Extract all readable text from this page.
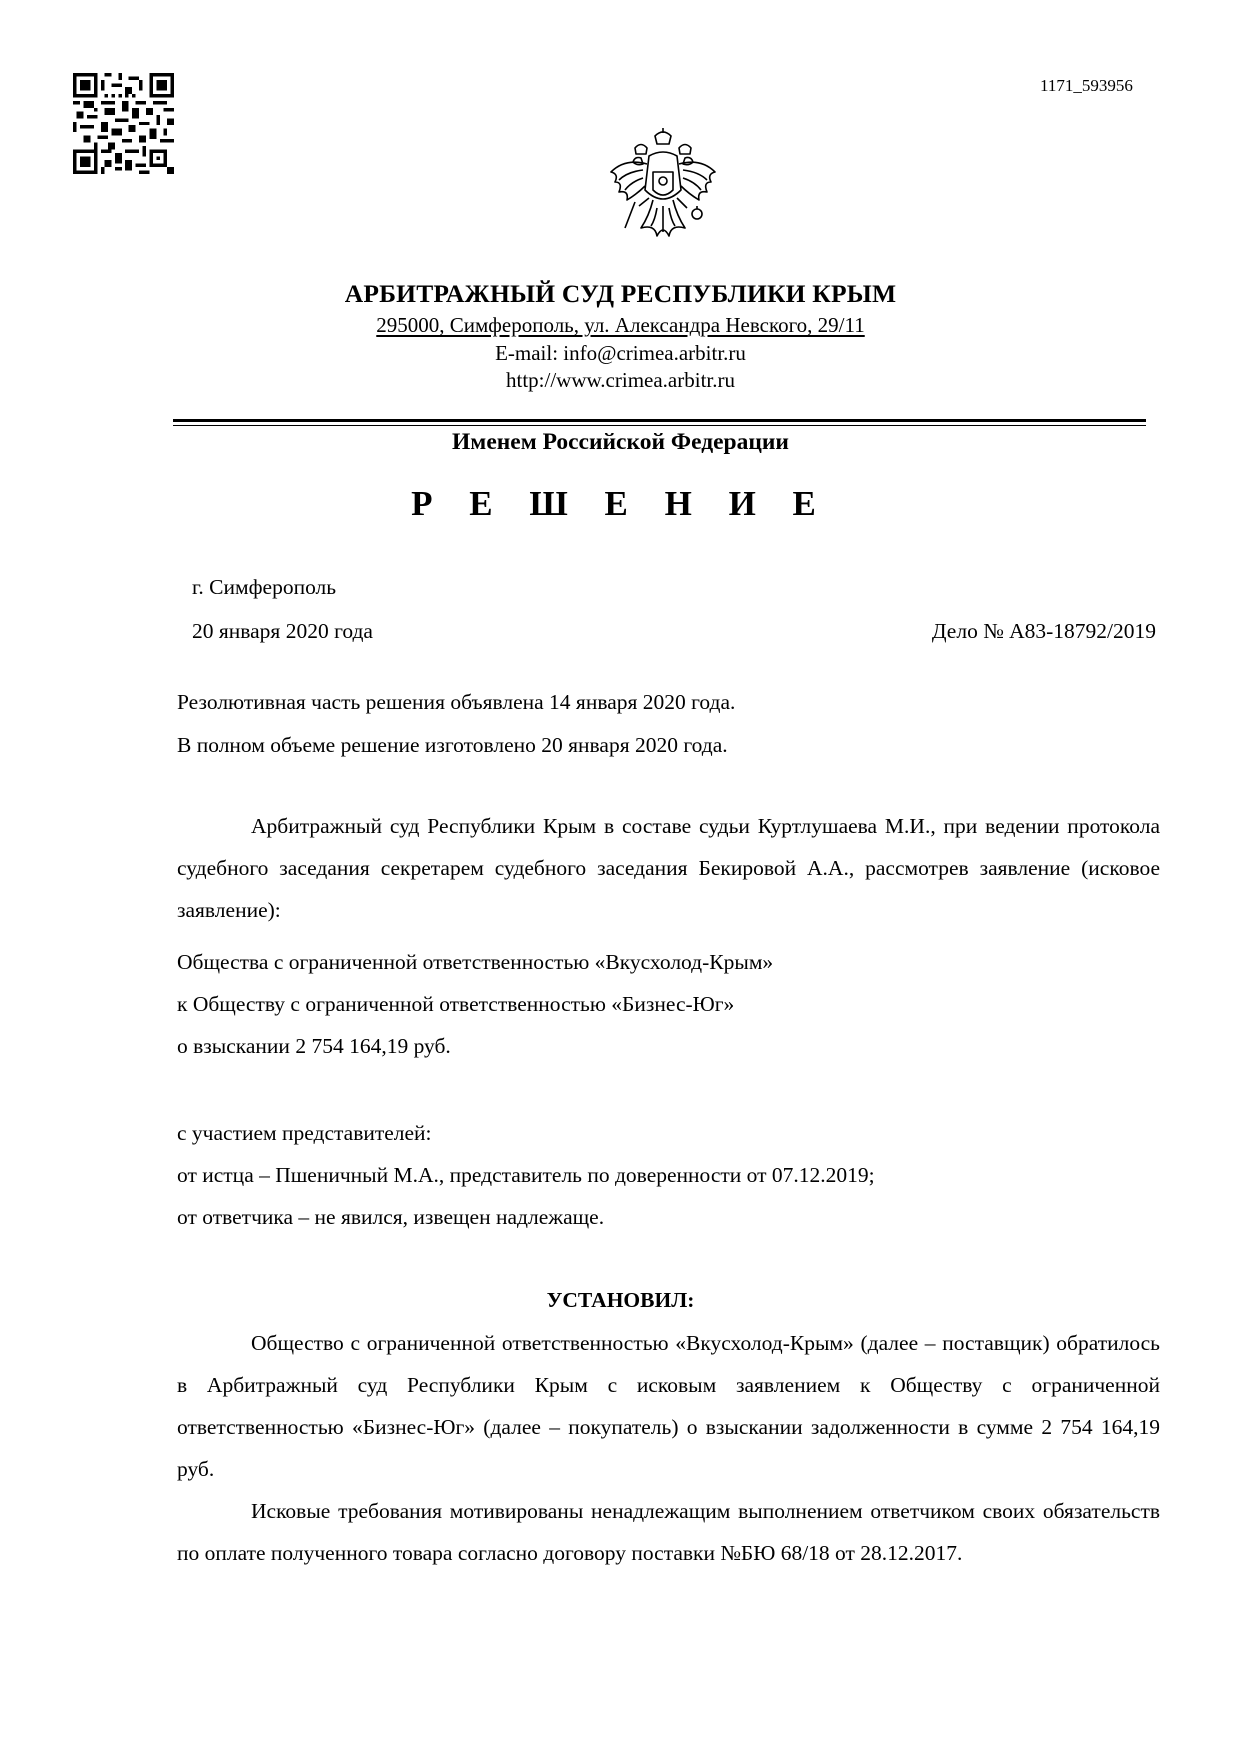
1171_593956
АРБИТРАЖНЫЙ СУД РЕСПУБЛИКИ КРЫМ
295000, Симферополь, ул. Александра Невского, 29/11
E-mail: info@crimea.arbitr.ru
http://www.crimea.arbitr.ru
Именем Российской Федерации
Р Е Ш Е Н И Е
г. Симферополь
20 января 2020 года	Дело № А83-18792/2019
Резолютивная часть решения объявлена 14 января 2020 года.
В полном объеме решение изготовлено 20 января 2020 года.
Арбитражный суд Республики Крым в составе судьи Куртлушаева М.И., при ведении протокола судебного заседания секретарем судебного заседания Бекировой А.А., рассмотрев заявление (исковое заявление):
Общества с ограниченной ответственностью «Вкусхолод-Крым»
к Обществу с ограниченной ответственностью «Бизнес-Юг»
о взыскании 2 754 164,19 руб.
с участием представителей:
от истца – Пшеничный М.А., представитель по доверенности от 07.12.2019;
от ответчика – не явился, извещен надлежаще.
УСТАНОВИЛ:
Общество с ограниченной ответственностью «Вкусхолод-Крым» (далее – поставщик) обратилось в Арбитражный суд Республики Крым с исковым заявлением к Обществу с ограниченной ответственностью «Бизнес-Юг» (далее – покупатель) о взыскании задолженности в сумме 2 754 164,19 руб.
Исковые требования мотивированы ненадлежащим выполнением ответчиком своих обязательств по оплате полученного товара согласно договору поставки №БЮ 68/18 от 28.12.2017.
